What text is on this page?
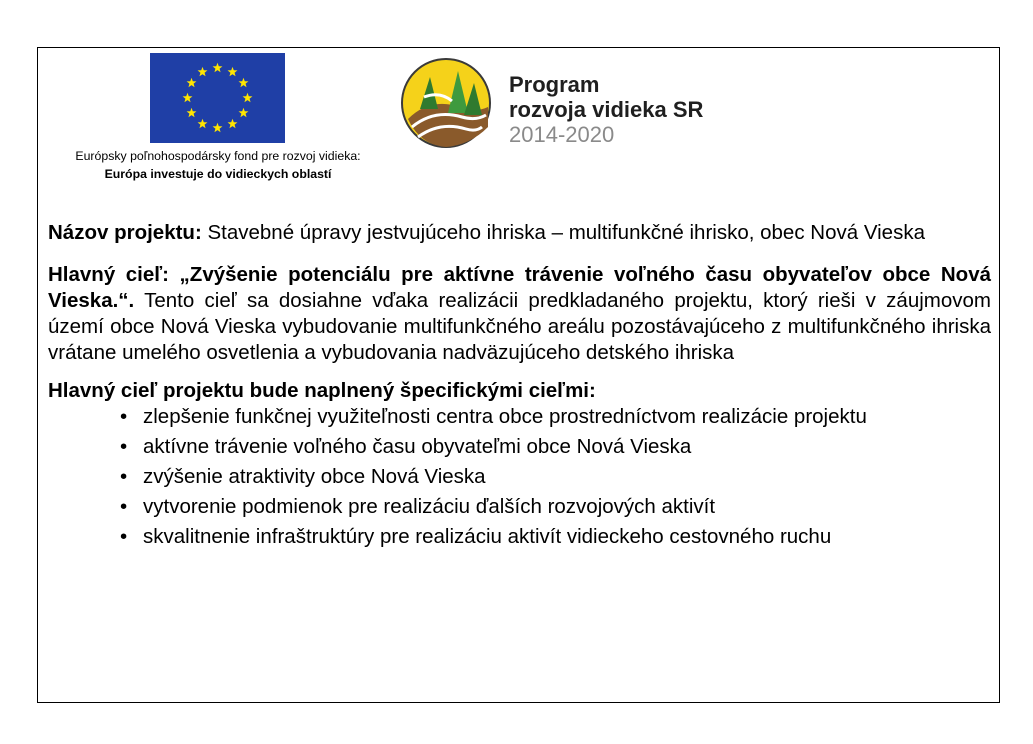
Európsky poľnohospodársky fond pre rozvoj vidieka:
Európa investuje do vidieckych oblastí
Program
rozvoja vidieka SR
2014-2020

Názov projektu: Stavebné úpravy jestvujúceho ihriska – multifunkčné ihrisko, obec Nová Vieska

Hlavný cieľ: „Zvýšenie potenciálu pre aktívne trávenie voľného času obyvateľov obce Nová Vieska.“. Tento cieľ sa dosiahne vďaka realizácii predkladaného projektu, ktorý rieši v záujmovom území obce Nová Vieska vybudovanie multifunkčného areálu pozostávajúceho z multifunkčného ihriska vrátane umelého osvetlenia a vybudovania nadväzujúceho detského ihriska

Hlavný cieľ projektu bude naplnený špecifickými cieľmi:

• zlepšenie funkčnej využiteľnosti centra obce prostredníctvom realizácie projektu
• aktívne trávenie voľného času obyvateľmi obce Nová Vieska
• zvýšenie atraktivity obce Nová Vieska
• vytvorenie podmienok pre realizáciu ďalších rozvojových aktivít
• skvalitnenie infraštruktúry pre realizáciu aktivít vidieckeho cestovného ruchu
